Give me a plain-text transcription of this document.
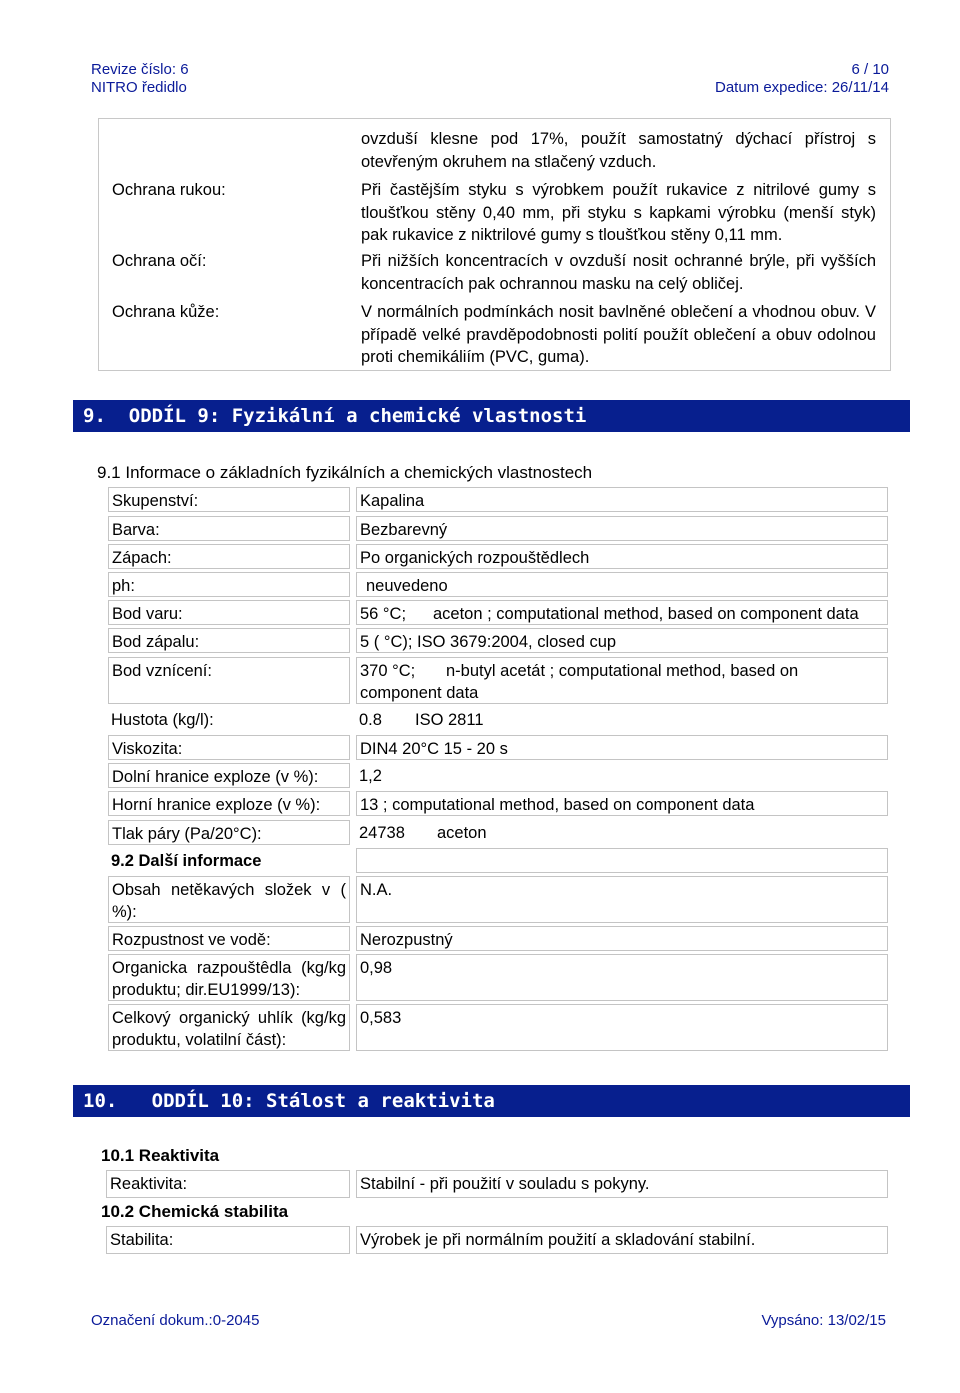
Revize číslo: 6	6 / 10
NITRO ředidlo	Datum expedice: 26/11/14
ovzduší klesne pod 17%, použít samostatný dýchací přístroj s otevřeným okruhem na stlačený vzduch.
Ochrana rukou:	Při častějším styku s výrobkem použít rukavice z nitrilové gumy s tloušťkou stěny 0,40 mm, při styku s kapkami výrobku (menší styk) pak rukavice z niktrilové gumy s tloušťkou stěny 0,11 mm.
Ochrana očí:	Při nižších koncentracích v ovzduší nosit ochranné brýle, při vyšších koncentracích pak ochrannou masku na celý obličej.
Ochrana kůže:	V normálních podmínkách nosit bavlněné oblečení a vhodnou obuv. V případě velké pravděpodobnosti polití použít oblečení a obuv odolnou proti chemikáliím (PVC, guma).
9. ODDÍL 9: Fyzikální a chemické vlastnosti
9.1 Informace o základních fyzikálních a chemických vlastnostech
Skupenství:	Kapalina
Barva:	Bezbarevný
Zápach:	Po organických rozpouštědlech
ph:	neuvedeno
Bod varu:	56 °C; aceton ; computational method, based on component data
Bod zápalu:	5 ( °C); ISO 3679:2004, closed cup
Bod vznícení:	370 °C; n-butyl acetát ; computational method, based on component data
Hustota (kg/l):	0.8 ISO 2811
Viskozita:	DIN4 20°C 15 - 20 s
Dolní hranice exploze (v %):	1,2
Horní hranice exploze (v %):	13 ; computational method, based on component data
Tlak páry (Pa/20°C):	24738 aceton
9.2 Další informace
Obsah netěkavých složek v ( %):
N.A.
Rozpustnost ve vodě:	Nerozpustný
Organicka razpouštêdla (kg/kg produktu; dir.EU1999/13):
0,98
Celkový organický uhlík (kg/kg produktu, volatilní část):
0,583
10. ODDÍL 10: Stálost a reaktivita
10.1 Reaktivita
Reaktivita:	Stabilní - při použití v souladu s pokyny.
10.2 Chemická stabilita
Stabilita:	Výrobek je při normálním použití a skladování stabilní.
Označení dokum.:0-2045	Vypsáno: 13/02/15
